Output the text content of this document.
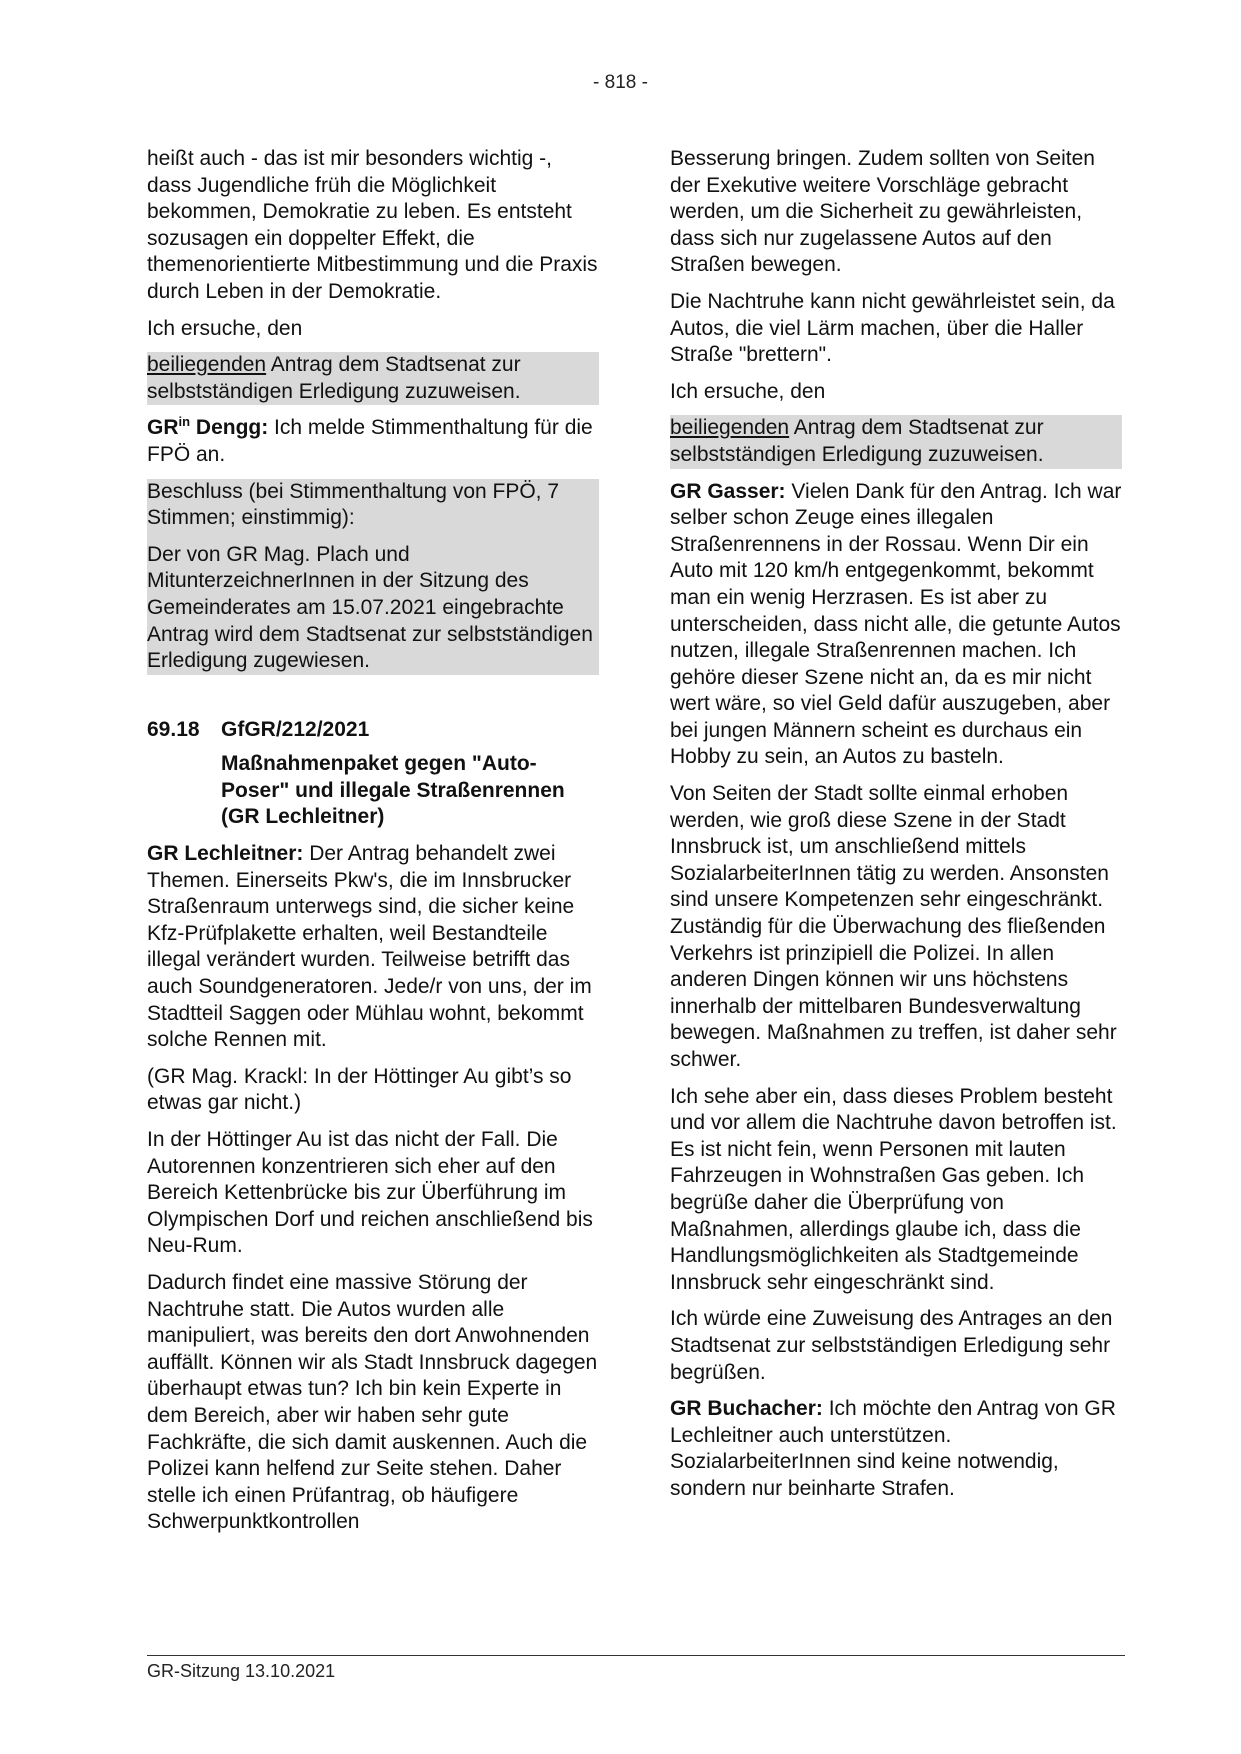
- 818 -

heißt auch - das ist mir besonders wichtig -, dass Jugendliche früh die Möglichkeit bekommen, Demokratie zu leben. Es entsteht sozusagen ein doppelter Effekt, die themenorientierte Mitbestimmung und die Praxis durch Leben in der Demokratie.

Ich ersuche, den

beiliegenden Antrag dem Stadtsenat zur selbstständigen Erledigung zuzuweisen.

$GR^{in}$ Dengg: Ich melde Stimmenthaltung für die FPÖ an.

Beschluss (bei Stimmenthaltung von FPÖ, 7 Stimmen; einstimmig):

Der von GR Mag. Plach und MitunterzeichnerInnen in der Sitzung des Gemeinderates am 15.07.2021 eingebrachte Antrag wird dem Stadtsenat zur selbstständigen Erledigung zugewiesen.

69.18	GfGR/212/2021
Maßnahmenpaket gegen "Auto-Poser" und illegale Straßenrennen (GR Lechleitner)

GR Lechleitner: Der Antrag behandelt zwei Themen. Einerseits Pkw's, die im Innsbrucker Straßenraum unterwegs sind, die sicher keine Kfz-Prüfplakette erhalten, weil Bestandteile illegal verändert wurden. Teilweise betrifft das auch Soundgeneratoren. Jede/r von uns, der im Stadtteil Saggen oder Mühlau wohnt, bekommt solche Rennen mit.

(GR Mag. Krackl: In der Höttinger Au gibt’s so etwas gar nicht.)

In der Höttinger Au ist das nicht der Fall. Die Autorennen konzentrieren sich eher auf den Bereich Kettenbrücke bis zur Überführung im Olympischen Dorf und reichen anschließend bis Neu-Rum.

Dadurch findet eine massive Störung der Nachtruhe statt. Die Autos wurden alle manipuliert, was bereits den dort Anwohnenden auffällt. Können wir als Stadt Innsbruck dagegen überhaupt etwas tun? Ich bin kein Experte in dem Bereich, aber wir haben sehr gute Fachkräfte, die sich damit auskennen. Auch die Polizei kann helfend zur Seite stehen. Daher stelle ich einen Prüfantrag, ob häufigere Schwerpunktkontrollen

Besserung bringen. Zudem sollten von Seiten der Exekutive weitere Vorschläge gebracht werden, um die Sicherheit zu gewährleisten, dass sich nur zugelassene Autos auf den Straßen bewegen.

Die Nachtruhe kann nicht gewährleistet sein, da Autos, die viel Lärm machen, über die Haller Straße "brettern".

Ich ersuche, den

beiliegenden Antrag dem Stadtsenat zur selbstständigen Erledigung zuzuweisen.

GR Gasser: Vielen Dank für den Antrag. Ich war selber schon Zeuge eines illegalen Straßenrennens in der Rossau. Wenn Dir ein Auto mit 120 km/h entgegenkommt, bekommt man ein wenig Herzrasen. Es ist aber zu unterscheiden, dass nicht alle, die getunte Autos nutzen, illegale Straßenrennen machen. Ich gehöre dieser Szene nicht an, da es mir nicht wert wäre, so viel Geld dafür auszugeben, aber bei jungen Männern scheint es durchaus ein Hobby zu sein, an Autos zu basteln.

Von Seiten der Stadt sollte einmal erhoben werden, wie groß diese Szene in der Stadt Innsbruck ist, um anschließend mittels SozialarbeiterInnen tätig zu werden. Ansonsten sind unsere Kompetenzen sehr eingeschränkt. Zuständig für die Überwachung des fließenden Verkehrs ist prinzipiell die Polizei. In allen anderen Dingen können wir uns höchstens innerhalb der mittelbaren Bundesverwaltung bewegen. Maßnahmen zu treffen, ist daher sehr schwer.

Ich sehe aber ein, dass dieses Problem besteht und vor allem die Nachtruhe davon betroffen ist. Es ist nicht fein, wenn Personen mit lauten Fahrzeugen in Wohnstraßen Gas geben. Ich begrüße daher die Überprüfung von Maßnahmen, allerdings glaube ich, dass die Handlungsmöglichkeiten als Stadtgemeinde Innsbruck sehr eingeschränkt sind.

Ich würde eine Zuweisung des Antrages an den Stadtsenat zur selbstständigen Erledigung sehr begrüßen.

GR Buchacher: Ich möchte den Antrag von GR Lechleitner auch unterstützen. SozialarbeiterInnen sind keine notwendig, sondern nur beinharte Strafen.

GR-Sitzung 13.10.2021
